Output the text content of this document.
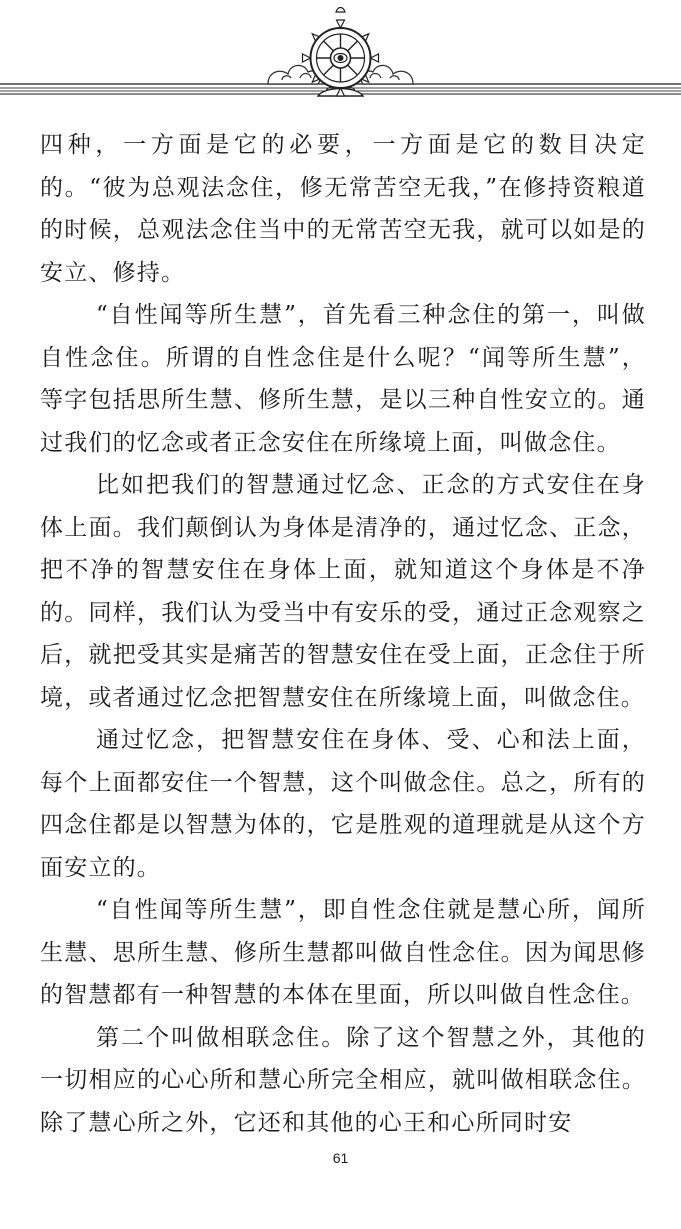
四种，一方面是它的必要，一方面是它的数目决定的。“彼为总观法念住，修无常苦空无我，”在修持资粮道的时候，总观法念住当中的无常苦空无我，就可以如是的安立、修持。

“自性闻等所生慧”，首先看三种念住的第一，叫做自性念住。所谓的自性念住是什么呢？“闻等所生慧”，等字包括思所生慧、修所生慧，是以三种自性安立的。通过我们的忆念或者正念安住在所缘境上面，叫做念住。

比如把我们的智慧通过忆念、正念的方式安住在身体上面。我们颠倒认为身体是清净的，通过忆念、正念，把不净的智慧安住在身体上面，就知道这个身体是不净的。同样，我们认为受当中有安乐的受，通过正念观察之后，就把受其实是痛苦的智慧安住在受上面，正念住于所境，或者通过忆念把智慧安住在所缘境上面，叫做念住。

通过忆念，把智慧安住在身体、受、心和法上面，每个上面都安住一个智慧，这个叫做念住。总之，所有的四念住都是以智慧为体的，它是胜观的道理就是从这个方面安立的。

“自性闻等所生慧”，即自性念住就是慧心所，闻所生慧、思所生慧、修所生慧都叫做自性念住。因为闻思修的智慧都有一种智慧的本体在里面，所以叫做自性念住。

第二个叫做相联念住。除了这个智慧之外，其他的一切相应的心心所和慧心所完全相应，就叫做相联念住。除了慧心所之外，它还和其他的心王和心所同时安

61
